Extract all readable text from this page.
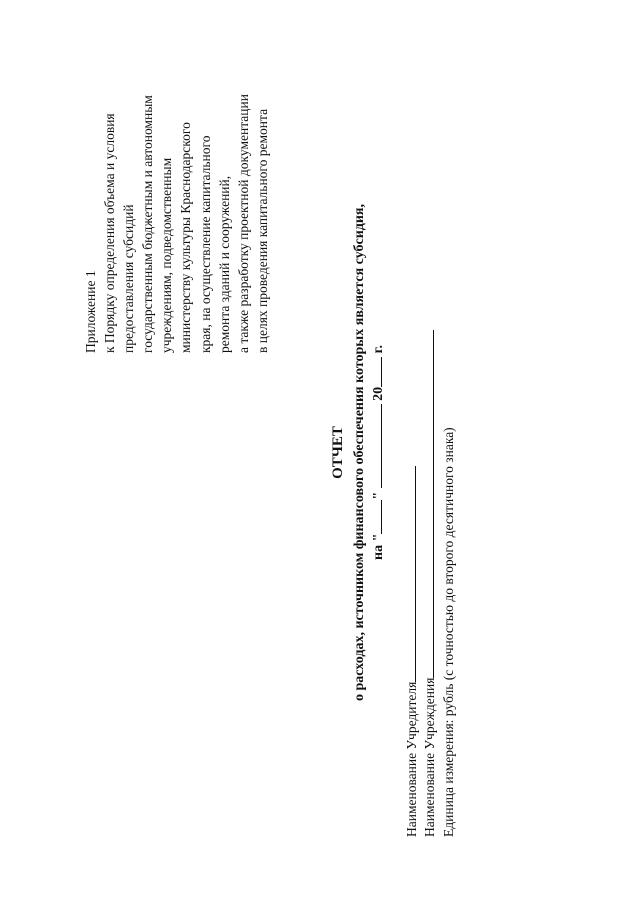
Приложение 1 к Порядку определения объема и условия предоставления субсидий государственным бюджетным и автономным учреждениям, подведомственным министерству культуры Краснодарского края, на осуществление капитального ремонта зданий и сооружений, а также разработку проектной документации в целях проведения капитального ремонта
ОТЧЕТ о расходах, источником финансового обеспечения которых является субсидия, на ""  20 г.
Наименование Учредителя Наименование Учреждения Единица измерения: рубль (с точностью до второго десятичного знака)
